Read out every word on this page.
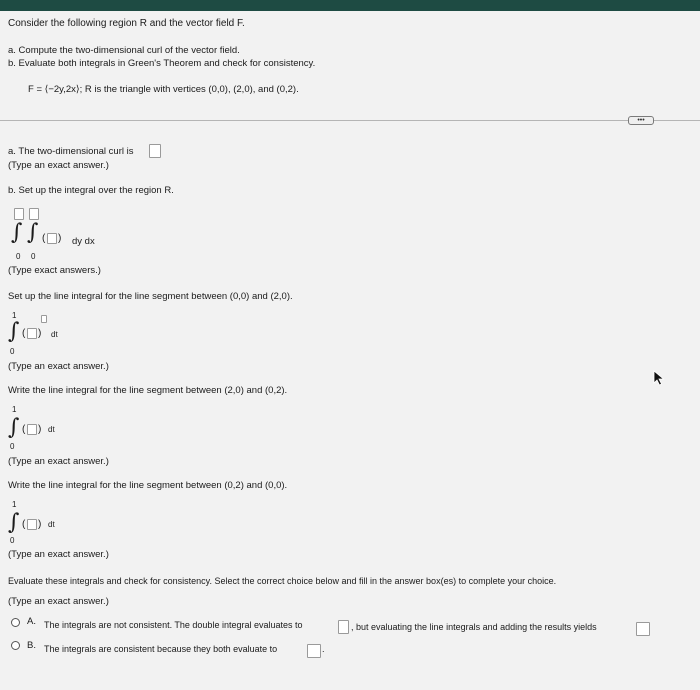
Consider the following region R and the vector field F.
a. Compute the two-dimensional curl of the vector field.
b. Evaluate both integrals in Green's Theorem and check for consistency.
F = ⟨−2y,2x⟩; R is the triangle with vertices (0,0), (2,0), and (0,2).
•••
a. The two-dimensional curl is
(Type an exact answer.)
b. Set up the integral over the region R.
∫ ∫ ( ) dy dx
0 0
(Type exact answers.)
Set up the line integral for the line segment between (0,0) and (2,0).
1
∫ ( ) dt
0
(Type an exact answer.)
Write the line integral for the line segment between (2,0) and (0,2).
1
∫ ( ) dt
0
(Type an exact answer.)
Write the line integral for the line segment between (0,2) and (0,0).
1
∫ ( ) dt
0
(Type an exact answer.)
Evaluate these integrals and check for consistency. Select the correct choice below and fill in the answer box(es) to complete your choice.
(Type an exact answer.)
A. The integrals are not consistent. The double integral evaluates to	, but evaluating the line integrals and adding the results yields
B. The integrals are consistent because they both evaluate to	.
